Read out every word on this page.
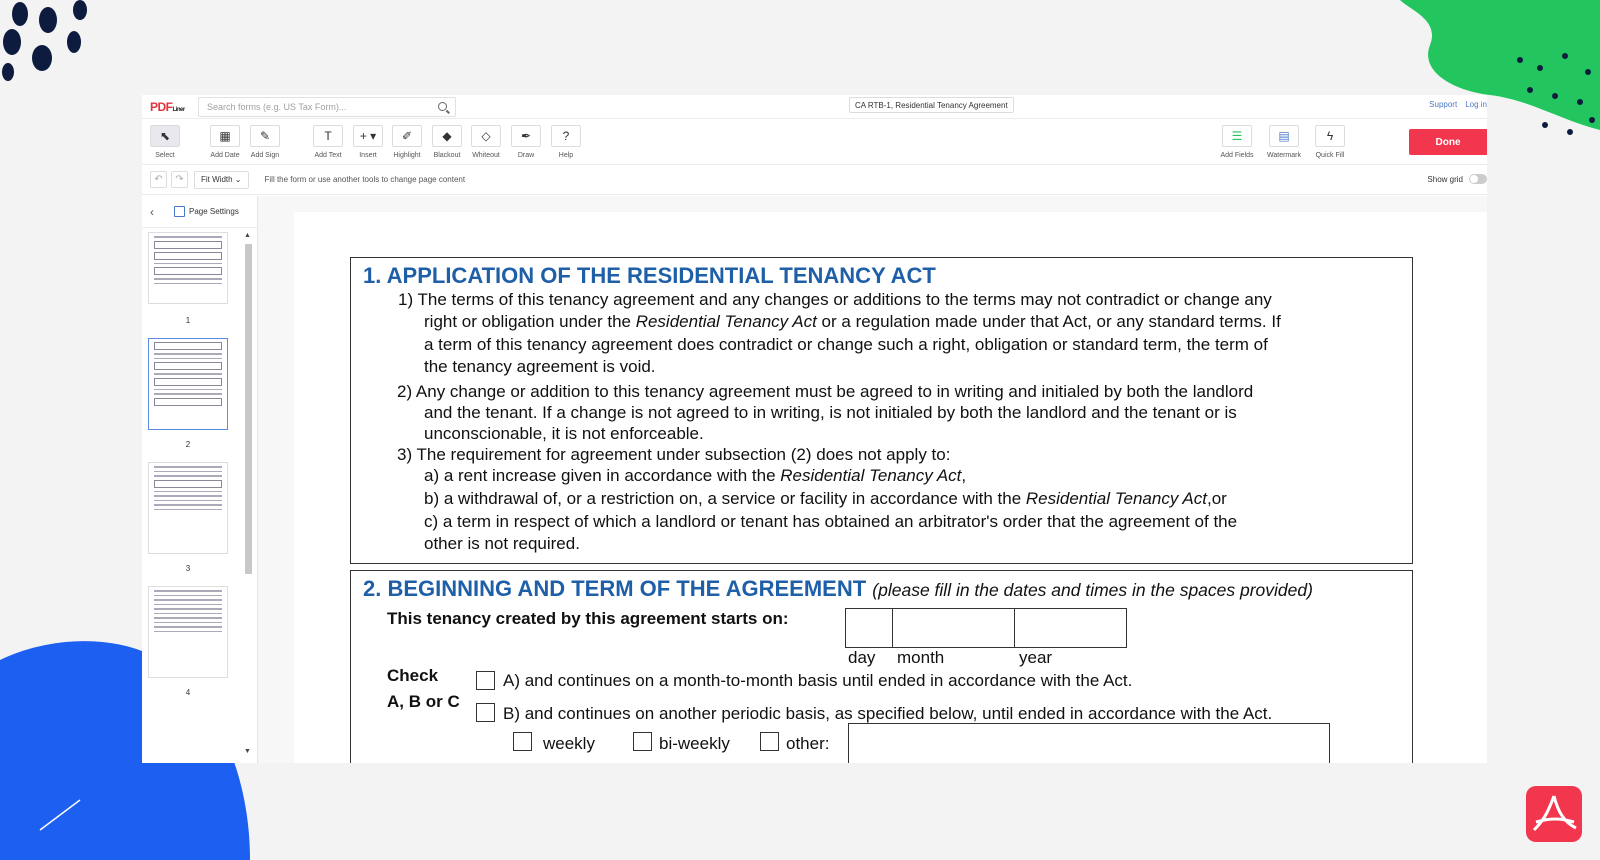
PDFLiner	Search forms (e.g. US Tax Form)...	CA RTB-1, Residential Tenancy Agreement	Support Log in
⬉
Select
▦
Add Date
✎
Add Sign
T
Add Text
+ ▾
Insert
✐
Highlight
◆
Blackout
◇
Whiteout
✒
Draw
?
Help
☰
Add Fields
▤
Watermark
ϟ
Quick Fill
Done
↶	↷	Fit Width ⌄	Fill the form or use another tools to change page content	Show grid
‹	Page Settings
1
2
3
4
▲
▼
1. APPLICATION OF THE RESIDENTIAL TENANCY ACT
1) The terms of this tenancy agreement and any changes or additions to the terms may not contradict or change any
right or obligation under the Residential Tenancy Act or a regulation made under that Act, or any standard terms. If
a term of this tenancy agreement does contradict or change such a right, obligation or standard term, the term of
the tenancy agreement is void.
2) Any change or addition to this tenancy agreement must be agreed to in writing and initialed by both the landlord
and the tenant. If a change is not agreed to in writing, is not initialed by both the landlord and the tenant or is
unconscionable, it is not enforceable.
3) The requirement for agreement under subsection (2) does not apply to:
a) a rent increase given in accordance with the Residential Tenancy Act,
b) a withdrawal of, or a restriction on, a service or facility in accordance with the Residential Tenancy Act,or
c) a term in respect of which a landlord or tenant has obtained an arbitrator's order that the agreement of the
other is not required.
2. BEGINNING AND TERM OF THE AGREEMENT (please fill in the dates and times in the spaces provided)
This tenancy created by this agreement starts on:
day month	year
Check
A, B or C
A) and continues on a month-to-month basis until ended in accordance with the Act.
B) and continues on another periodic basis, as specified below, until ended in accordance with the Act.
weekly	bi-weekly	other:
